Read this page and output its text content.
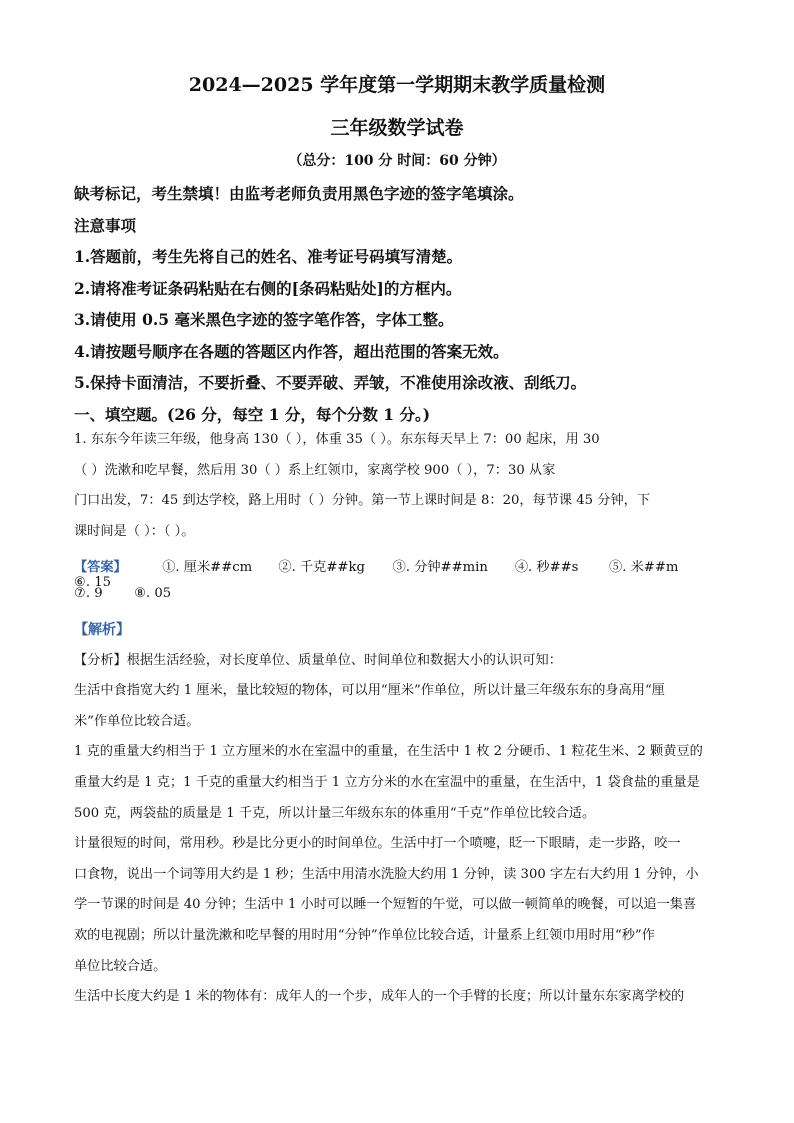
2024—2025 学年度第一学期期末教学质量检测
三年级数学试卷
（总分：100 分 时间：60 分钟）
缺考标记，考生禁填！由监考老师负责用黑色字迹的签字笔填涂。
注意事项
1.答题前，考生先将自己的姓名、准考证号码填写清楚。
2.请将准考证条码粘贴在右侧的[条码粘贴处]的方框内。
3.请使用 0.5 毫米黑色字迹的签字笔作答，字体工整。
4.请按题号顺序在各题的答题区内作答，超出范围的答案无效。
5.保持卡面清洁，不要折叠、不要弄破、弄皱，不准使用涂改液、刮纸刀。
一、填空题。(26 分，每空 1 分，每个分数 1 分。)
1. 东东今年读三年级，他身高 130（ ），体重 35（ ）。东东每天早上 7：00 起床，用 30
（ ）洗漱和吃早餐，然后用 30（ ）系上红领巾，家离学校 900（ ），7：30 从家
门口出发，7：45 到达学校，路上用时（ ）分钟。第一节上课时间是 8：20，每节课 45 分钟，下
课时间是（ ）：（ ）。
【答案】	①. 厘米##cm ②. 千克##kg ③. 分钟##min ④. 秒##s ⑤. 米##m ⑥. 15
⑦. 9 ⑧. 05
【解析】
【分析】根据生活经验，对长度单位、质量单位、时间单位和数据大小的认识可知：
生活中食指宽大约 1 厘米，量比较短的物体，可以用“厘米”作单位，所以计量三年级东东的身高用“厘
米”作单位比较合适。
1 克的重量大约相当于 1 立方厘米的水在室温中的重量，在生活中 1 枚 2 分硬币、1 粒花生米、2 颗黄豆的
重量大约是 1 克；1 千克的重量大约相当于 1 立方分米的水在室温中的重量，在生活中，1 袋食盐的重量是
500 克，两袋盐的质量是 1 千克，所以计量三年级东东的体重用“千克”作单位比较合适。
计量很短的时间，常用秒。秒是比分更小的时间单位。生活中打一个喷嚏，眨一下眼睛，走一步路，咬一
口食物，说出一个词等用大约是 1 秒；生活中用清水洗脸大约用 1 分钟，读 300 字左右大约用 1 分钟，小
学一节课的时间是 40 分钟；生活中 1 小时可以睡一个短暂的午觉，可以做一顿简单的晚餐，可以追一集喜
欢的电视剧；所以计量洗漱和吃早餐的用时用“分钟”作单位比较合适，计量系上红领巾用时用“秒”作
单位比较合适。
生活中长度大约是 1 米的物体有：成年人的一个步，成年人的一个手臂的长度；所以计量东东家离学校的
